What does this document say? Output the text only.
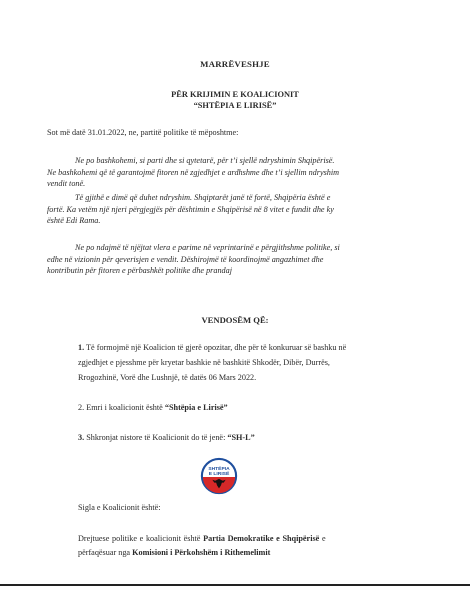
MARRËVESHJE
PËR KRIJIMIN E KOALICIONIT
“SHTËPIA E LIRISË”
Sot më datë 31.01.2022, ne, partitë politike të mëposhtme:
Ne po bashkohemi, si parti dhe si qytetarë, për t’i sjellë ndryshimin Shqipërisë.
Ne bashkohemi që të garantojmë fitoren në zgjedhjet e ardhshme dhe t’i sjellim ndryshim
vendit tonë.
Të gjithë e dimë që duhet ndryshim. Shqiptarët janë të fortë, Shqipëria është e
fortë. Ka vetëm një njeri përgjegjës për dështimin e Shqipërisë në 8 vitet e fundit dhe ky
është Edi Rama.
Ne po ndajmë të njëjtat vlera e parime në veprintarinë e përgjithshme politike, si
edhe në vizionin për qeverisjen e vendit. Dëshirojmë të koordinojmë angazhimet dhe
kontributin për fitoren e përbashkët politike dhe prandaj
VENDOSËM QË:
1. Të formojmë një Koalicion të gjerë opozitar, dhe për të konkuruar së bashku në
zgjedhjet e pjesshme për kryetar bashkie në bashkitë Shkodër, Dibër, Durrës,
Rrogozhinë, Vorë dhe Lushnjë, të datës 06 Mars 2022.
2. Emri i koalicionit është “Shtëpia e Lirisë”
3. Shkronjat nistore të Koalicionit do të jenë: “SH-L”
SHTËPIA
E LIRISË
Sigla e Koalicionit është:
Drejtuese politike e koalicionit është Partia Demokratike e Shqipërisë e
përfaqësuar nga Komisioni i Përkohshëm i Rithemelimit
